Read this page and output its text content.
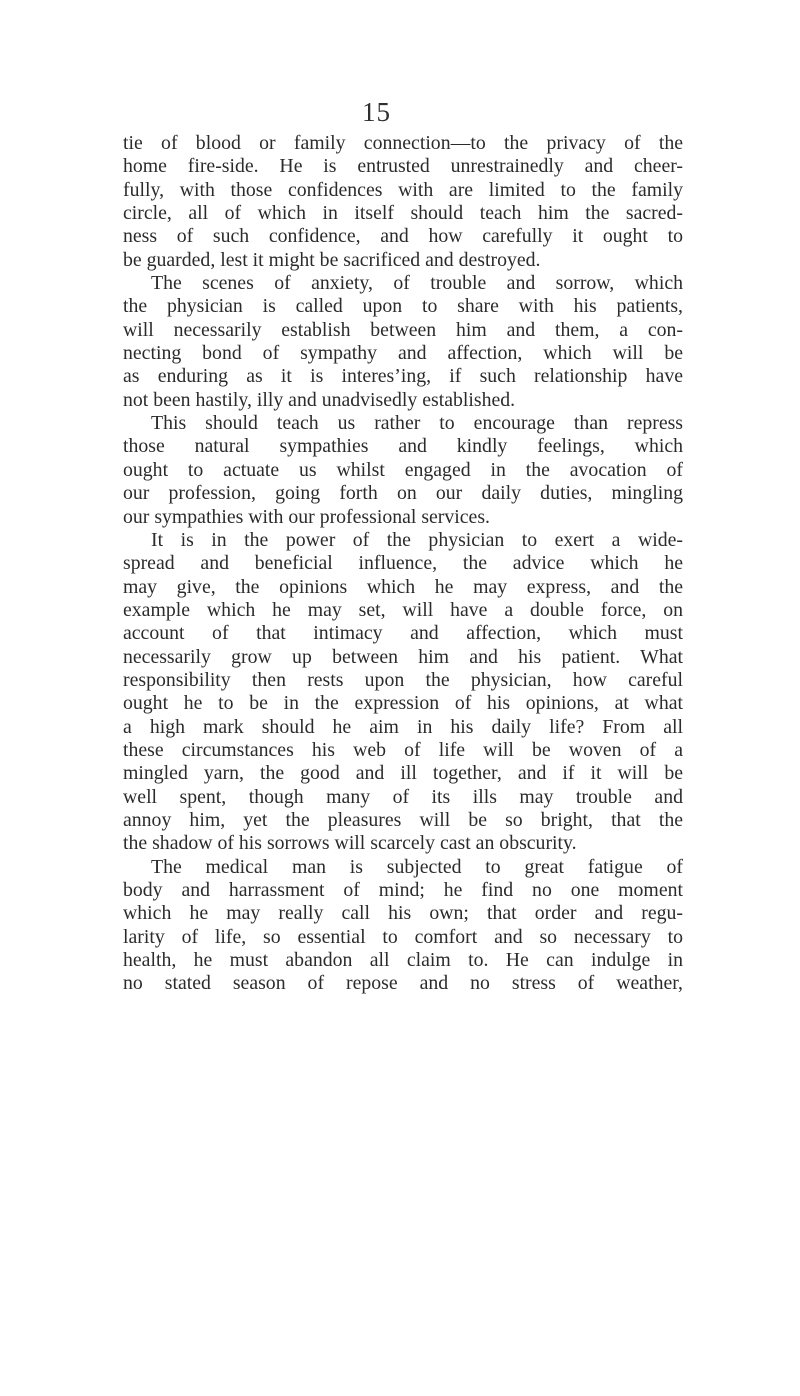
15
tie of blood or family connection—to the privacy of the
home fire-side. He is entrusted unrestrainedly and cheer-
fully, with those confidences with are limited to the family
circle, all of which in itself should teach him the sacred-
ness of such confidence, and how carefully it ought to
be guarded, lest it might be sacrificed and destroyed.
The scenes of anxiety, of trouble and sorrow, which
the physician is called upon to share with his patients,
will necessarily establish between him and them, a con-
necting bond of sympathy and affection, which will be
as enduring as it is interes’ing, if such relationship have
not been hastily, illy and unadvisedly established.
This should teach us rather to encourage than repress
those natural sympathies and kindly feelings, which
ought to actuate us whilst engaged in the avocation of
our profession, going forth on our daily duties, mingling
our sympathies with our professional services.
It is in the power of the physician to exert a wide-
spread and beneficial influence, the advice which he
may give, the opinions which he may express, and the
example which he may set, will have a double force, on
account of that intimacy and affection, which must
necessarily grow up between him and his patient. What
responsibility then rests upon the physician, how careful
ought he to be in the expression of his opinions, at what
a high mark should he aim in his daily life? From all
these circumstances his web of life will be woven of a
mingled yarn, the good and ill together, and if it will be
well spent, though many of its ills may trouble and
annoy him, yet the pleasures will be so bright, that the
the shadow of his sorrows will scarcely cast an obscurity.
The medical man is subjected to great fatigue of
body and harrassment of mind; he find no one moment
which he may really call his own; that order and regu-
larity of life, so essential to comfort and so necessary to
health, he must abandon all claim to. He can indulge in
no stated season of repose and no stress of weather,
